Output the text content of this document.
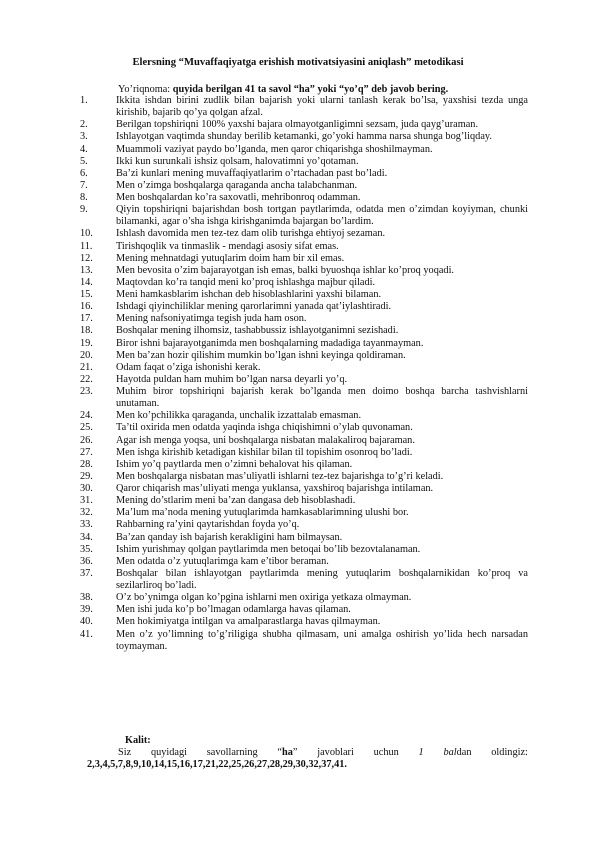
Elersning “Muvaffaqiyatga erishish motivatsiyasini aniqlash” metodikasi
Yo’riqnoma: quyida berilgan 41 ta savol “ha” yoki “yo’q” deb javob bering.
1.	Ikkita ishdan birini zudlik bilan bajarish yoki ularni tanlash kerak bo’lsa, yaxshisi tezda unga kirishib, bajarib qo’ya qolgan afzal.
2.	Berilgan topshiriqni 100% yaxshi bajara olmayotganligimni sezsam, juda qayg’uraman.
3.	Ishlayotgan vaqtimda shunday berilib ketamanki, go’yoki hamma narsa shunga bog’liqday.
4.	Muammoli vaziyat paydo bo’lganda, men qaror chiqarishga shoshilmayman.
5.	Ikki kun surunkali ishsiz qolsam, halovatimni yo’qotaman.
6.	Ba’zi kunlari mening muvaffaqiyatlarim o’rtachadan past bo’ladi.
7.	Men o’zimga boshqalarga qaraganda ancha talabchanman.
8.	Men boshqalardan ko’ra saxovatli, mehribonroq odamman.
9.	Qiyin topshiriqni bajarishdan bosh tortgan paytlarimda, odatda men o’zimdan koyiyman, chunki bilamanki, agar o’sha ishga kirishganimda bajargan bo’lardim.
10.	Ishlash davomida men tez-tez dam olib turishga ehtiyoj sezaman.
11.	Tirishqoqlik va tinmaslik - mendagi asosiy sifat emas.
12.	Mening mehnatdagi yutuqlarim doim ham bir xil emas.
13.	Men bevosita o’zim bajarayotgan ish emas, balki byuoshqa ishlar ko’proq yoqadi.
14.	Maqtovdan ko’ra tanqid meni ko’proq ishlashga majbur qiladi.
15.	Meni hamkasblarim ishchan deb hisoblashlarini yaxshi bilaman.
16.	Ishdagi qiyinchiliklar mening qarorlarimni yanada qat’iylashtiradi.
17.	Mening nafsoniyatimga tegish juda ham oson.
18.	Boshqalar mening ilhomsiz, tashabbussiz ishlayotganimni sezishadi.
19.	Biror ishni bajarayotganimda men boshqalarning madadiga tayanmayman.
20.	Men ba’zan hozir qilishim mumkin bo’lgan ishni keyinga qoldiraman.
21.	Odam faqat o’ziga ishonishi kerak.
22.	Hayotda puldan ham muhim bo’lgan narsa deyarli yo’q.
23.	Muhim biror topshiriqni bajarish kerak bo’lganda men doimo boshqa barcha tashvishlarni unutaman.
24.	Men ko’pchilikka qaraganda, unchalik izzattalab emasman.
25.	Ta’til oxirida men odatda yaqinda ishga chiqishimni o’ylab quvonaman.
26.	Agar ish menga yoqsa, uni boshqalarga nisbatan malakaliroq bajaraman.
27.	Men ishga kirishib ketadigan kishilar bilan til topishim osonroq bo’ladi.
28.	Ishim yo’q paytlarda men o’zimni behalovat his qilaman.
29.	Men boshqalarga nisbatan mas’uliyatli ishlarni tez-tez bajarishga to’g’ri keladi.
30.	Qaror chiqarish mas’uliyati menga yuklansa, yaxshiroq bajarishga intilaman.
31.	Mening do’stlarim meni ba’zan dangasa deb hisoblashadi.
32.	Ma’lum ma’noda mening yutuqlarimda hamkasablarimning ulushi bor.
33.	Rahbarning ra’yini qaytarishdan foyda yo’q.
34.	Ba’zan qanday ish bajarish kerakligini ham bilmaysan.
35.	Ishim yurishmay qolgan paytlarimda men betoqai bo’lib bezovtalanaman.
36.	Men odatda o’z yutuqlarimga kam e’tibor beraman.
37.	Boshqalar bilan ishlayotgan paytlarimda mening yutuqlarim boshqalarnikidan ko’proq va sezilarliroq bo’ladi.
38.	O’z bo’ynimga olgan ko’pgina ishlarni men oxiriga yetkaza olmayman.
39.	Men ishi juda ko’p bo’lmagan odamlarga havas qilaman.
40.	Men hokimiyatga intilgan va amalparastlarga havas qilmayman.
41.	Men o’z yo’limning to’g’riligiga shubha qilmasam, uni amalga oshirish yo’lida hech narsadan toymayman.
Kalit:
Siz quyidagi savollarning “ha” javoblari uchun 1 baldan oldingiz:
2,3,4,5,7,8,9,10,14,15,16,17,21,22,25,26,27,28,29,30,32,37,41.
